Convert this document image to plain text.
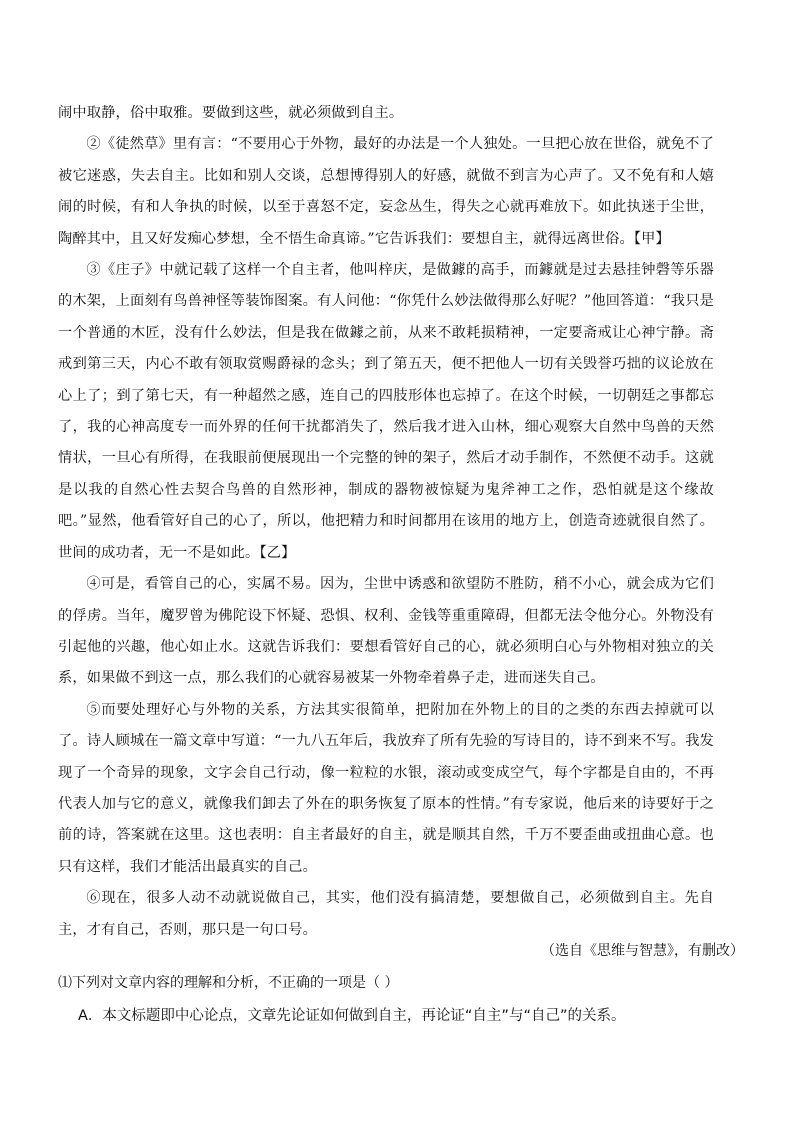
闹中取静，俗中取雅。要做到这些，就必须做到自主。

②《徒然草》里有言：“不要用心于外物，最好的办法是一个人独处。一旦把心放在世俗，就免不了被它迷惑，失去自主。比如和别人交谈，总想博得别人的好感，就做不到言为心声了。又不免有和人嬉闹的时候，有和人争执的时候，以至于喜怒不定，妄念丛生，得失之心就再难放下。如此执迷于尘世，陶醉其中，且又好发痴心梦想，全不悟生命真谛。”它告诉我们：要想自主，就得远离世俗。【甲】

③《庄子》中就记载了这样一个自主者，他叫梓庆，是做鐻的高手，而鐻就是过去悬挂钟磬等乐器的木架，上面刻有鸟兽神怪等装饰图案。有人问他：“你凭什么妙法做得那么好呢？”他回答道：“我只是一个普通的木匠，没有什么妙法，但是我在做鐻之前，从来不敢耗损精神，一定要斋戒让心神宁静。斋戒到第三天，内心不敢有领取赏赐爵禄的念头；到了第五天，便不把他人一切有关毁誉巧拙的议论放在心上了；到了第七天，有一种超然之感，连自己的四肢形体也忘掉了。在这个时候，一切朝廷之事都忘了，我的心神高度专一而外界的任何干扰都消失了，然后我才进入山林，细心观察大自然中鸟兽的天然情状，一旦心有所得，在我眼前便展现出一个完整的钟的架子，然后才动手制作，不然便不动手。这就是以我的自然心性去契合鸟兽的自然形神，制成的器物被惊疑为鬼斧神工之作，恐怕就是这个缘故吧。”显然，他看管好自己的心了，所以，他把精力和时间都用在该用的地方上，创造奇迹就很自然了。世间的成功者，无一不是如此。【乙】

④可是，看管自己的心，实属不易。因为，尘世中诱惑和欲望防不胜防，稍不小心，就会成为它们的俘虏。当年，魔罗曾为佛陀设下怀疑、恐惧、权利、金钱等重重障碍，但都无法令他分心。外物没有引起他的兴趣，他心如止水。这就告诉我们：要想看管好自己的心，就必须明白心与外物相对独立的关系，如果做不到这一点，那么我们的心就容易被某一外物牵着鼻子走，进而迷失自己。

⑤而要处理好心与外物的关系，方法其实很简单，把附加在外物上的目的之类的东西去掉就可以了。诗人顾城在一篇文章中写道：“一九八五年后，我放弃了所有先验的写诗目的，诗不到来不写。我发现了一个奇异的现象，文字会自己行动，像一粒粒的水银，滚动或变成空气，每个字都是自由的，不再代表人加与它的意义，就像我们卸去了外在的职务恢复了原本的性情。”有专家说，他后来的诗要好于之前的诗，答案就在这里。这也表明：自主者最好的自主，就是顺其自然，千万不要歪曲或扭曲心意。也只有这样，我们才能活出最真实的自己。

⑥现在，很多人动不动就说做自己，其实，他们没有搞清楚，要想做自己，必须做到自主。先自主，才有自己，否则，那只是一句口号。

（选自《思维与智慧》，有删改）
⑴下列对文章内容的理解和分析，不正确的一项是（ ）
A．本文标题即中心论点，文章先论证如何做到自主，再论证“自主”与“自己”的关系。
